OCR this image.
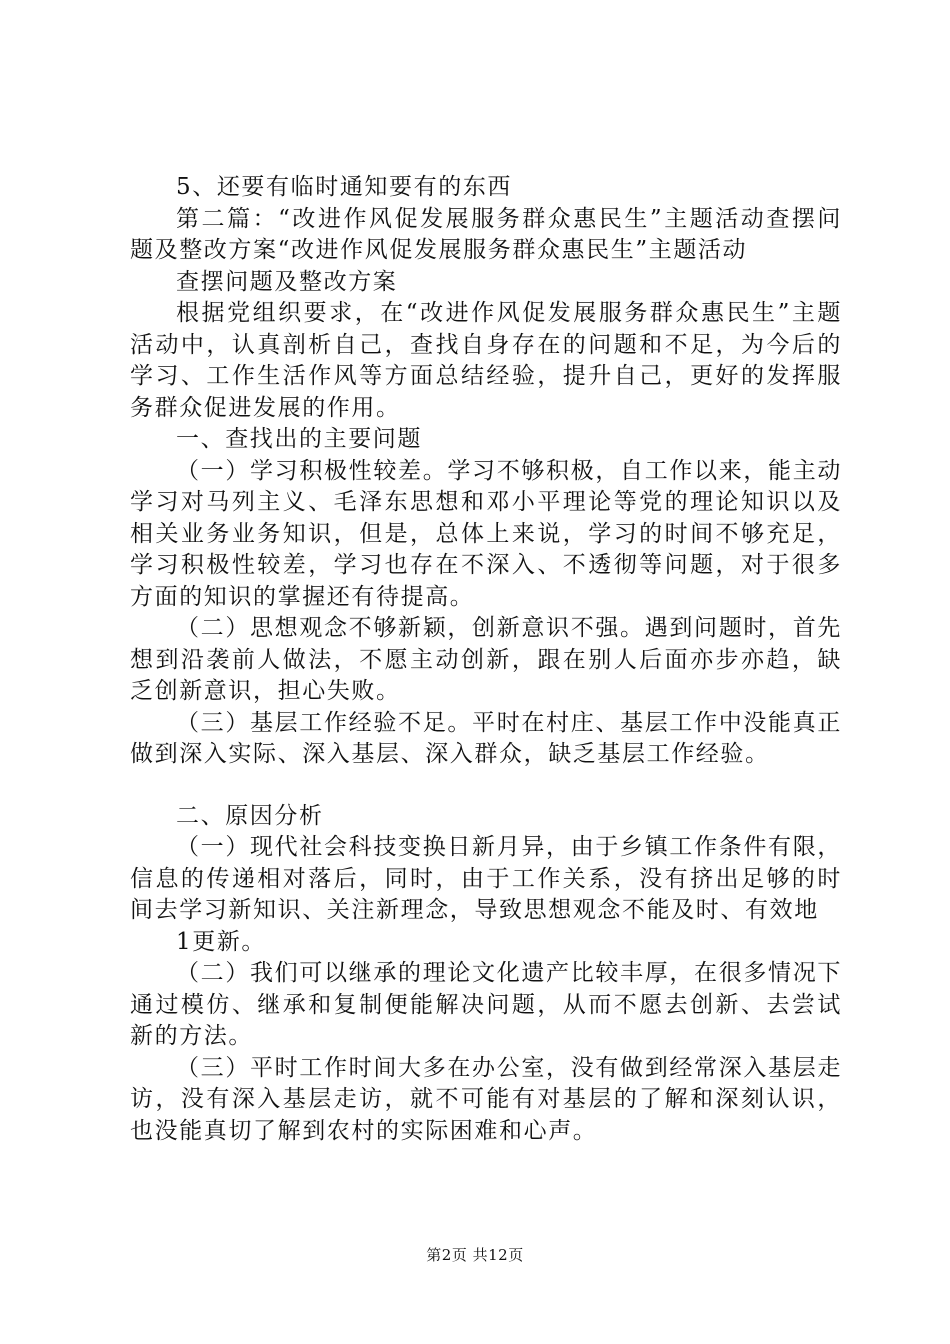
5、还要有临时通知要有的东西

第二篇：“改进作风促发展服务群众惠民生”主题活动查摆问题及整改方案“改进作风促发展服务群众惠民生”主题活动

查摆问题及整改方案

根据党组织要求，在“改进作风促发展服务群众惠民生”主题活动中，认真剖析自己，查找自身存在的问题和不足，为今后的学习、工作生活作风等方面总结经验，提升自己，更好的发挥服务群众促进发展的作用。

一、查找出的主要问题

（一）学习积极性较差。学习不够积极，自工作以来，能主动学习对马列主义、毛泽东思想和邓小平理论等党的理论知识以及相关业务业务知识，但是，总体上来说，学习的时间不够充足，学习积极性较差，学习也存在不深入、不透彻等问题，对于很多方面的知识的掌握还有待提高。

（二）思想观念不够新颖，创新意识不强。遇到问题时，首先想到沿袭前人做法，不愿主动创新，跟在别人后面亦步亦趋，缺乏创新意识，担心失败。

（三）基层工作经验不足。平时在村庄、基层工作中没能真正做到深入实际、深入基层、深入群众，缺乏基层工作经验。

二、原因分析

（一）现代社会科技变换日新月异，由于乡镇工作条件有限，信息的传递相对落后，同时，由于工作关系，没有挤出足够的时间去学习新知识、关注新理念，导致思想观念不能及时、有效地

1更新。

（二）我们可以继承的理论文化遗产比较丰厚，在很多情况下通过模仿、继承和复制便能解决问题，从而不愿去创新、去尝试新的方法。

（三）平时工作时间大多在办公室，没有做到经常深入基层走访，没有深入基层走访，就不可能有对基层的了解和深刻认识，也没能真切了解到农村的实际困难和心声。

第2页 共12页
